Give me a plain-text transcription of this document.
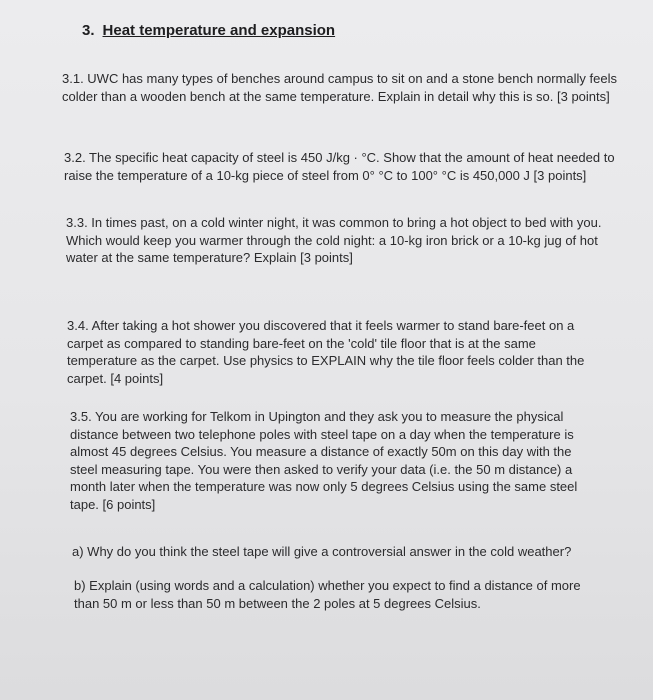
3. Heat temperature and expansion

3.1. UWC has many types of benches around campus to sit on and a stone bench normally feels colder than a wooden bench at the same temperature. Explain in detail why this is so. [3 points]

3.2. The specific heat capacity of steel is 450 J/kg · °C. Show that the amount of heat needed to raise the temperature of a 10-kg piece of steel from 0° °C to 100° °C is 450,000 J [3 points]

3.3. In times past, on a cold winter night, it was common to bring a hot object to bed with you. Which would keep you warmer through the cold night: a 10-kg iron brick or a 10-kg jug of hot water at the same temperature? Explain [3 points]

3.4. After taking a hot shower you discovered that it feels warmer to stand bare-feet on a carpet as compared to standing bare-feet on the 'cold' tile floor that is at the same temperature as the carpet. Use physics to EXPLAIN why the tile floor feels colder than the carpet. [4 points]

3.5. You are working for Telkom in Upington and they ask you to measure the physical distance between two telephone poles with steel tape on a day when the temperature is almost 45 degrees Celsius. You measure a distance of exactly 50m on this day with the steel measuring tape. You were then asked to verify your data (i.e. the 50 m distance) a month later when the temperature was now only 5 degrees Celsius using the same steel tape. [6 points]

a) Why do you think the steel tape will give a controversial answer in the cold weather?

b) Explain (using words and a calculation) whether you expect to find a distance of more than 50 m or less than 50 m between the 2 poles at 5 degrees Celsius.
